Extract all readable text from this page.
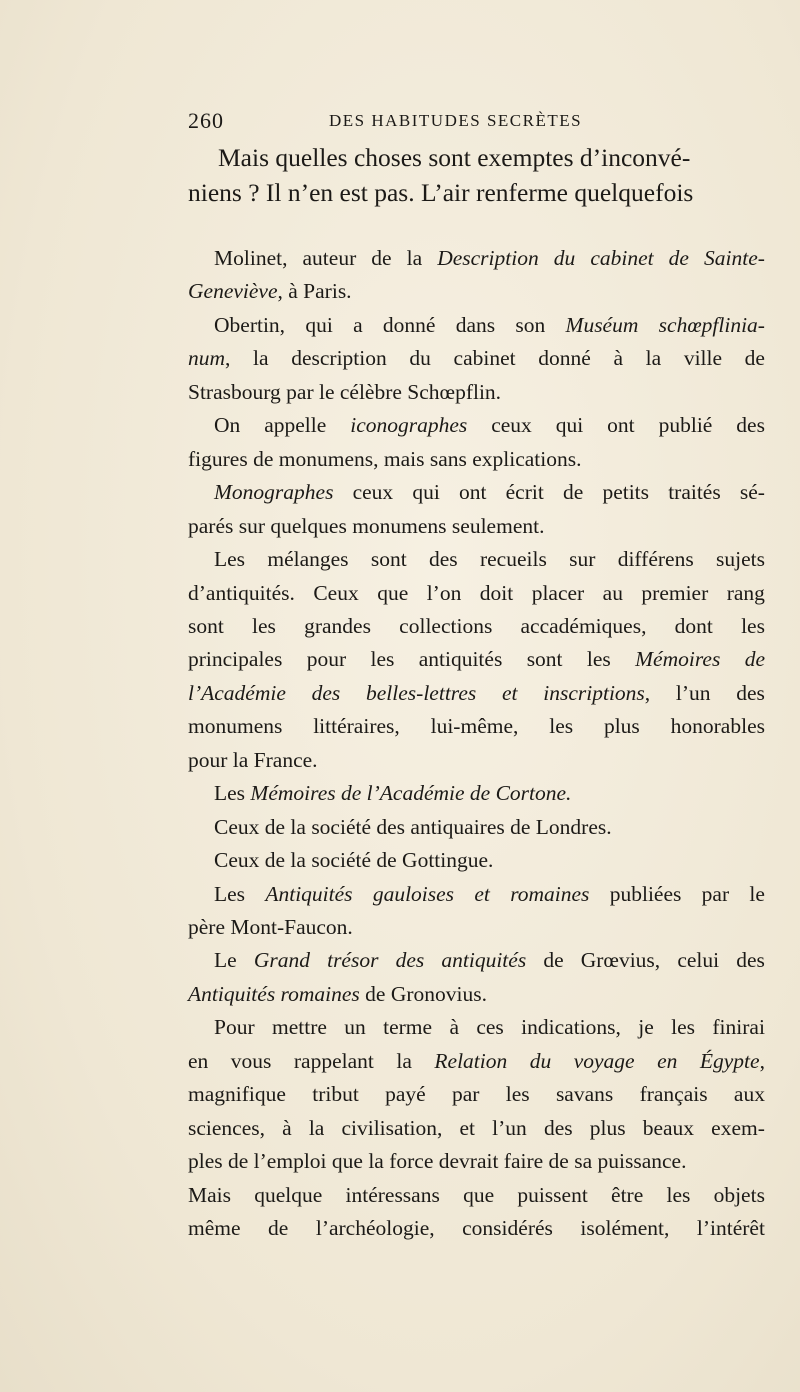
260	DES HABITUDES SECRÈTES
Mais quelles choses sont exemptes d’inconvé-
niens ? Il n’en est pas. L’air renferme quelquefois
Molinet, auteur de la Description du cabinet de Sainte-
Geneviève, à Paris.
Obertin, qui a donné dans son Muséum schœpflinia-
num, la description du cabinet donné à la ville de
Strasbourg par le célèbre Schœpflin.
On appelle iconographes ceux qui ont publié des
figures de monumens, mais sans explications.
Monographes ceux qui ont écrit de petits traités sé-
parés sur quelques monumens seulement.
Les mélanges sont des recueils sur différens sujets
d’antiquités. Ceux que l’on doit placer au premier rang
sont les grandes collections accadémiques, dont les
principales pour les antiquités sont les Mémoires de
l’Académie des belles-lettres et inscriptions, l’un des
monumens littéraires, lui-même, les plus honorables
pour la France.
Les Mémoires de l’Académie de Cortone.
Ceux de la société des antiquaires de Londres.
Ceux de la société de Gottingue.
Les Antiquités gauloises et romaines publiées par le
père Mont-Faucon.
Le Grand trésor des antiquités de Grœvius, celui des
Antiquités romaines de Gronovius.
Pour mettre un terme à ces indications, je les finirai
en vous rappelant la Relation du voyage en Égypte,
magnifique tribut payé par les savans français aux
sciences, à la civilisation, et l’un des plus beaux exem-
ples de l’emploi que la force devrait faire de sa puissance.
Mais quelque intéressans que puissent être les objets
même de l’archéologie, considérés isolément, l’intérêt
